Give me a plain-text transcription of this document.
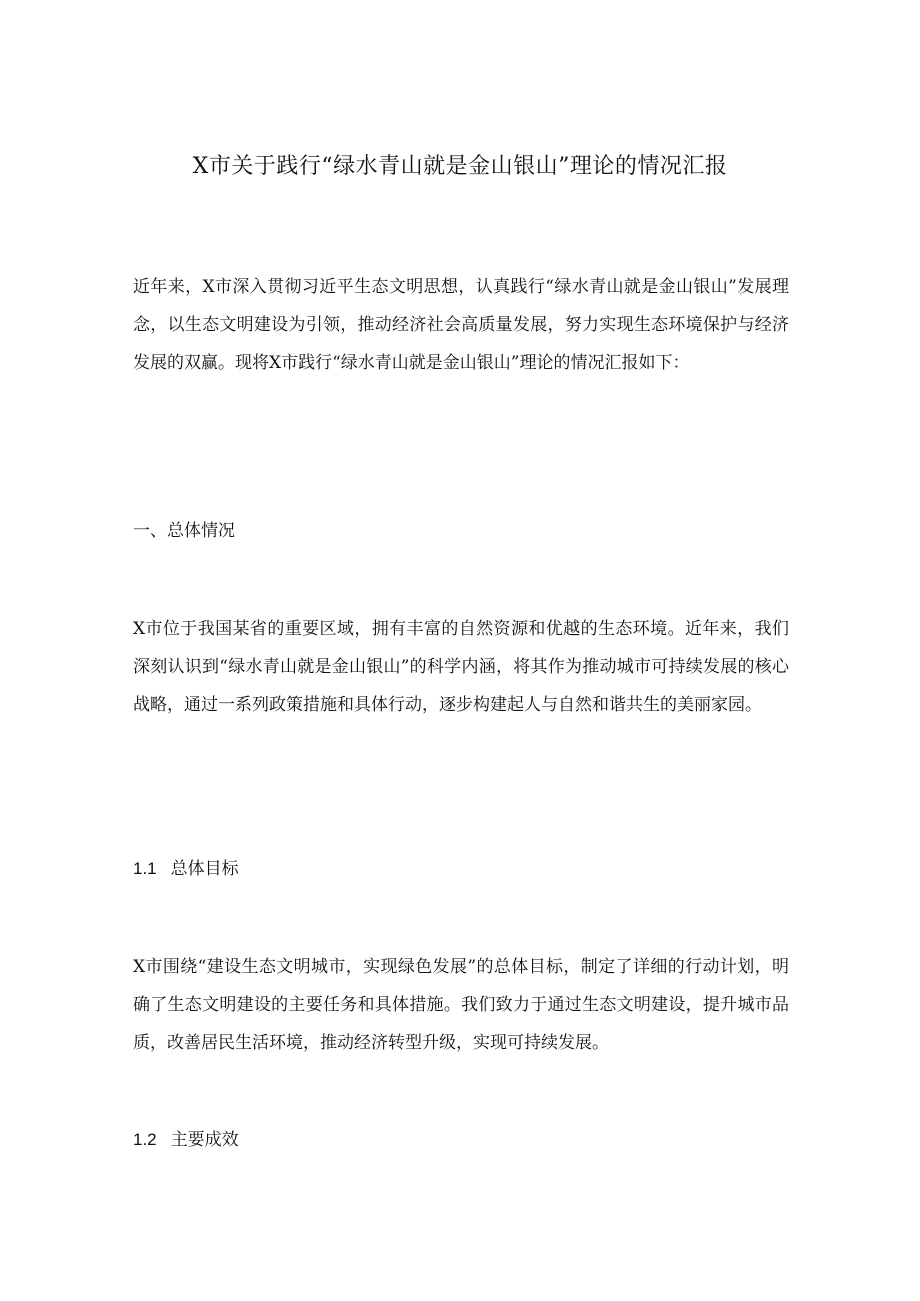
X市关于践行“绿水青山就是金山银山”理论的情况汇报

近年来，X市深入贯彻习近平生态文明思想，认真践行“绿水青山就是金山银山”发展理念，以生态文明建设为引领，推动经济社会高质量发展，努力实现生态环境保护与经济发展的双赢。现将X市践行“绿水青山就是金山银山”理论的情况汇报如下：

一、总体情况

X市位于我国某省的重要区域，拥有丰富的自然资源和优越的生态环境。近年来，我们深刻认识到“绿水青山就是金山银山”的科学内涵，将其作为推动城市可持续发展的核心战略，通过一系列政策措施和具体行动，逐步构建起人与自然和谐共生的美丽家园。

1.1 总体目标

X市围绕“建设生态文明城市，实现绿色发展”的总体目标，制定了详细的行动计划，明确了生态文明建设的主要任务和具体措施。我们致力于通过生态文明建设，提升城市品质，改善居民生活环境，推动经济转型升级，实现可持续发展。

1.2 主要成效
